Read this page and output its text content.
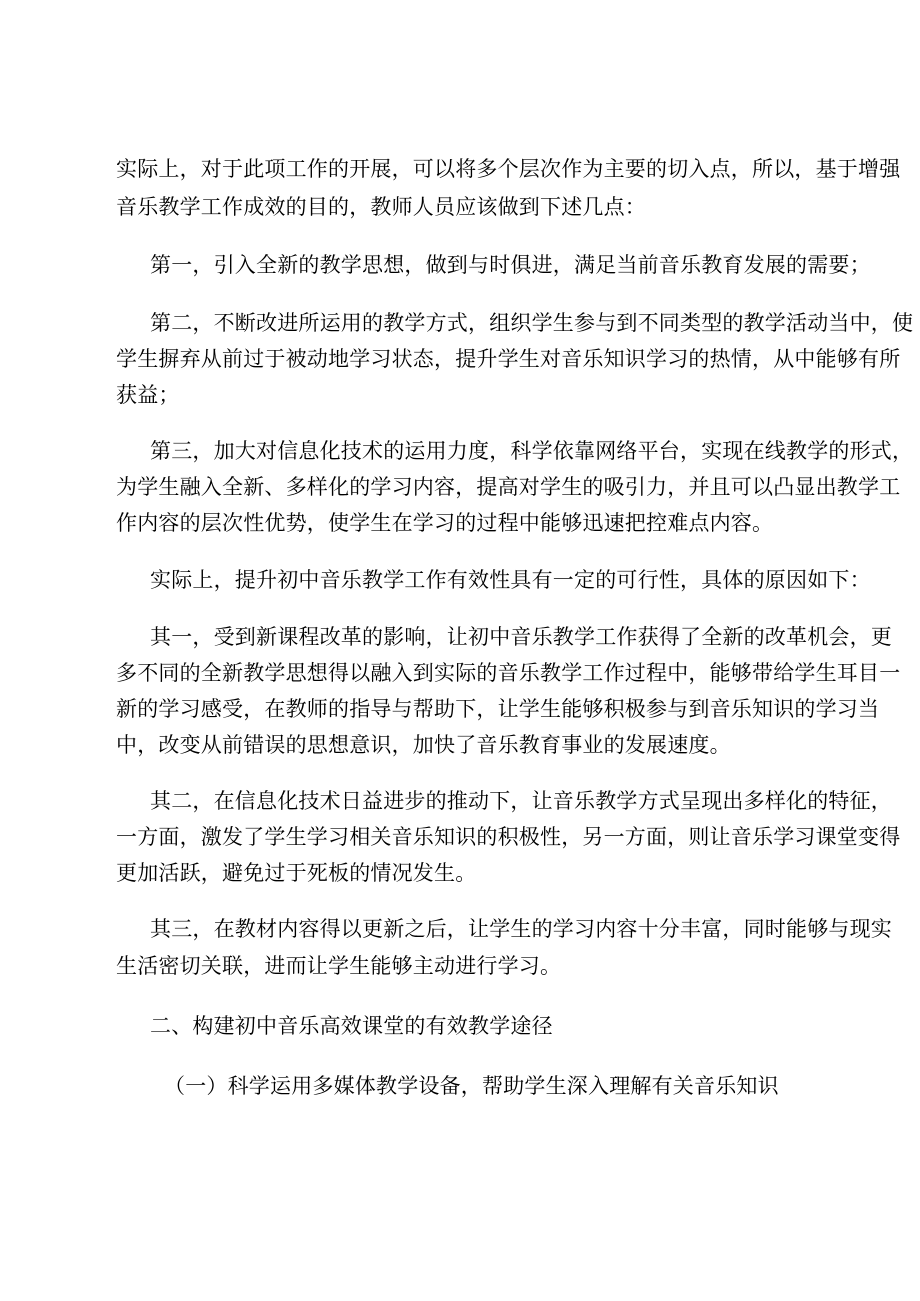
实际上，对于此项工作的开展，可以将多个层次作为主要的切入点，所以，基于增强
音乐教学工作成效的目的，教师人员应该做到下述几点：
第一，引入全新的教学思想，做到与时俱进，满足当前音乐教育发展的需要；
第二，不断改进所运用的教学方式，组织学生参与到不同类型的教学活动当中，使
学生摒弃从前过于被动地学习状态，提升学生对音乐知识学习的热情，从中能够有所
获益；
第三，加大对信息化技术的运用力度，科学依靠网络平台，实现在线教学的形式，
为学生融入全新、多样化的学习内容，提高对学生的吸引力，并且可以凸显出教学工
作内容的层次性优势，使学生在学习的过程中能够迅速把控难点内容。
实际上，提升初中音乐教学工作有效性具有一定的可行性，具体的原因如下：
其一，受到新课程改革的影响，让初中音乐教学工作获得了全新的改革机会，更
多不同的全新教学思想得以融入到实际的音乐教学工作过程中，能够带给学生耳目一
新的学习感受，在教师的指导与帮助下，让学生能够积极参与到音乐知识的学习当
中，改变从前错误的思想意识，加快了音乐教育事业的发展速度。
其二，在信息化技术日益进步的推动下，让音乐教学方式呈现出多样化的特征，
一方面，激发了学生学习相关音乐知识的积极性，另一方面，则让音乐学习课堂变得
更加活跃，避免过于死板的情况发生。
其三，在教材内容得以更新之后，让学生的学习内容十分丰富，同时能够与现实
生活密切关联，进而让学生能够主动进行学习。
二、构建初中音乐高效课堂的有效教学途径
（一）科学运用多媒体教学设备，帮助学生深入理解有关音乐知识
